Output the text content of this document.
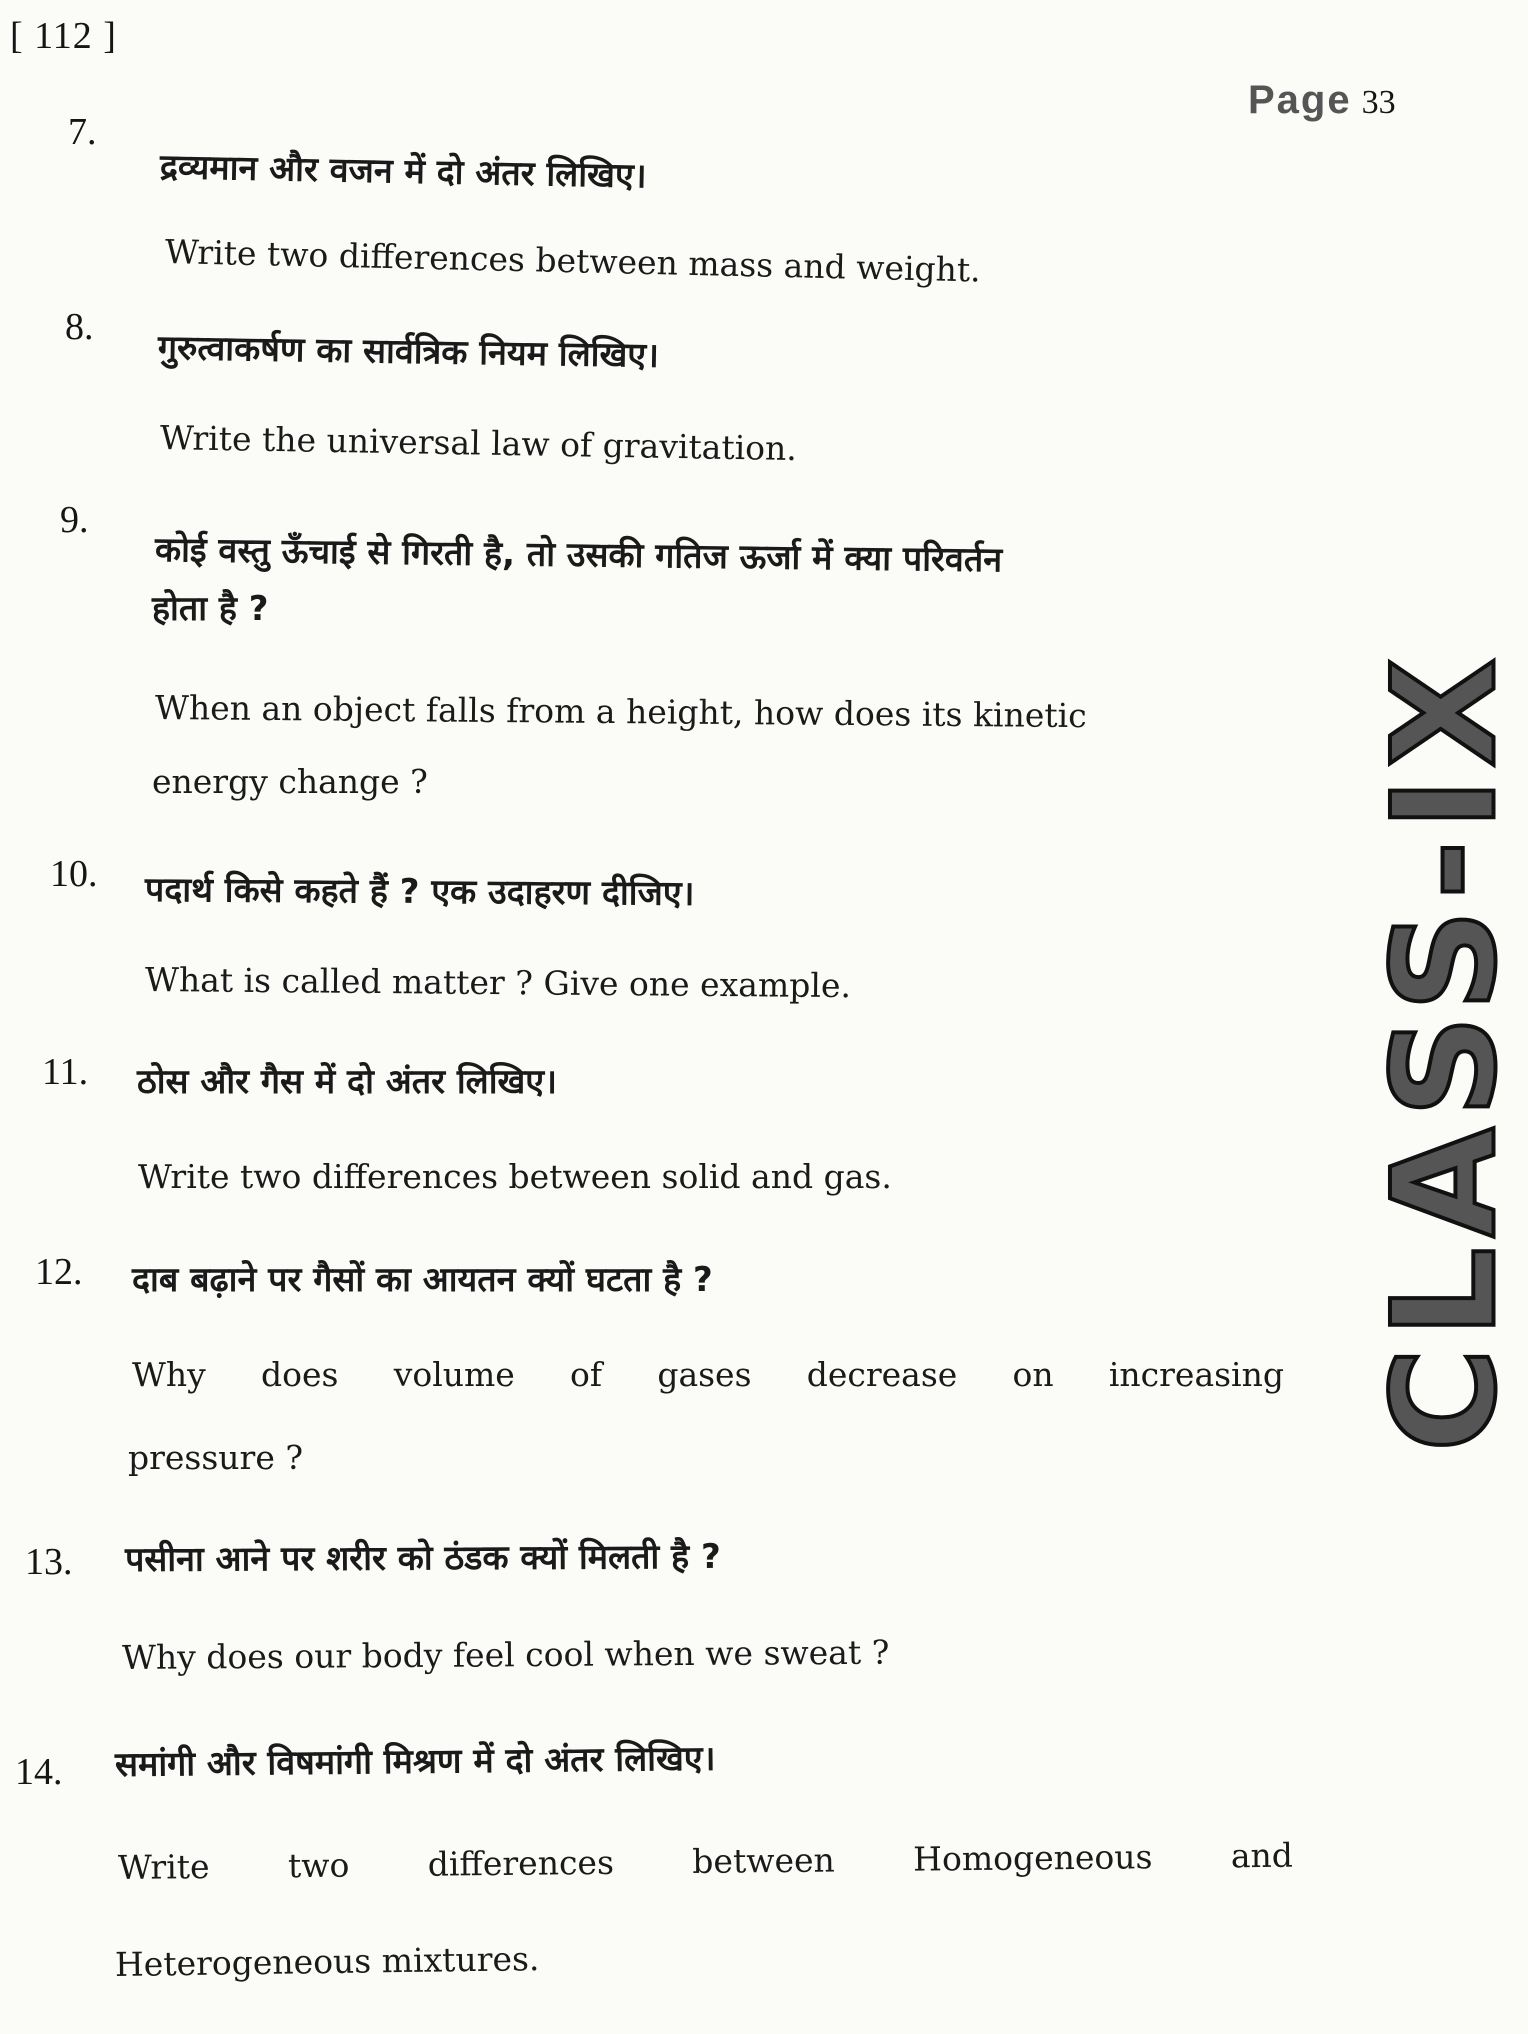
[ 112 ]
Page 33
CLASS-IX
7.
द्रव्यमान और वजन में दो अंतर लिखिए।
Write two differences between mass and weight.
8.
गुरुत्वाकर्षण का सार्वत्रिक नियम लिखिए।
Write the universal law of gravitation.
9.
कोई वस्तु ऊँचाई से गिरती है, तो उसकी गतिज ऊर्जा में क्या परिवर्तन
होता है ?
When an object falls from a height, how does its kinetic
energy change ?
10. पदार्थ किसे कहते हैं ? एक उदाहरण दीजिए।
What is called matter ? Give one example.
11. ठोस और गैस में दो अंतर लिखिए।
Write two differences between solid and gas.
12. दाब बढ़ाने पर गैसों का आयतन क्यों घटता है ?
Why does volume of gases decrease on increasing
pressure ?
13. पसीना आने पर शरीर को ठंडक क्यों मिलती है ?
Why does our body feel cool when we sweat ?
14. समांगी और विषमांगी मिश्रण में दो अंतर लिखिए।
Write two differences between Homogeneous and
Heterogeneous mixtures.
